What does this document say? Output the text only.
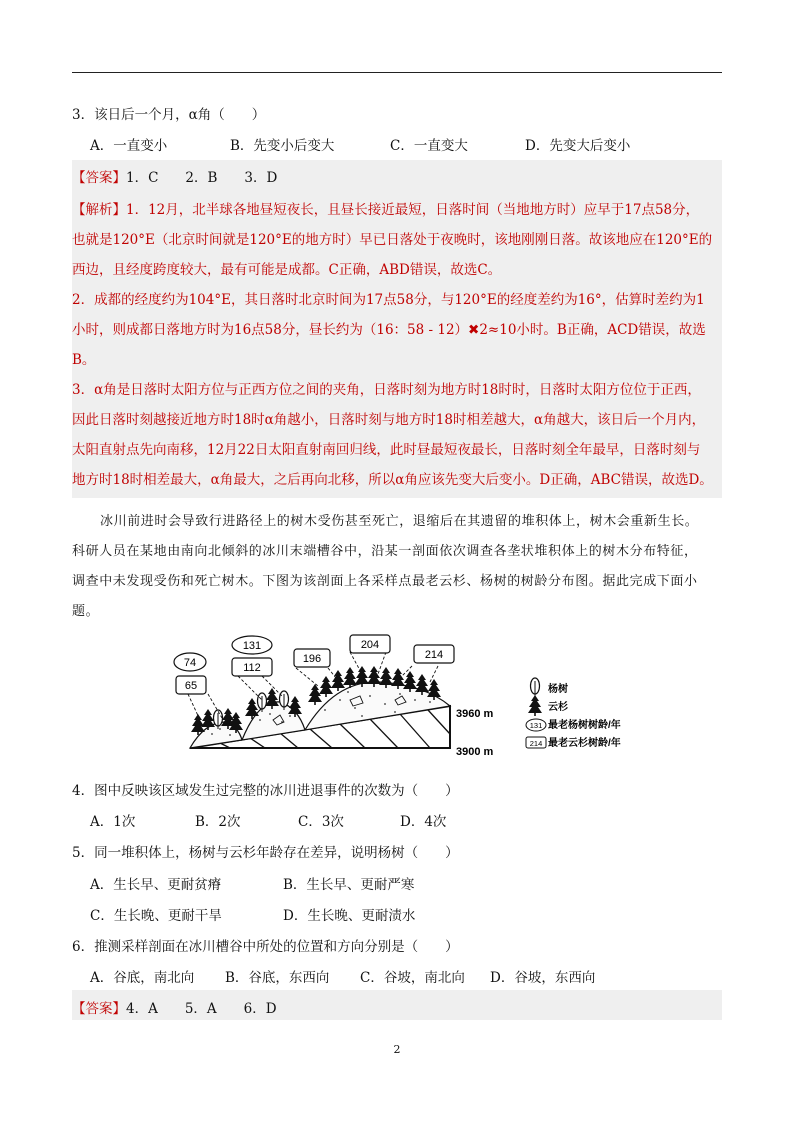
3．该日后一个月，α角（　　）
A．一直变小	B．先变小后变大	C．一直变大	D．先变大后变小
【答案】1．C　　2．B　　3．D
【解析】1．12月，北半球各地昼短夜长，且昼长接近最短，日落时间（当地地方时）应早于17点58分，
也就是120°E（北京时间就是120°E的地方时）早已日落处于夜晚时，该地刚刚日落。故该地应在120°E的
西边，且经度跨度较大，最有可能是成都。C正确，ABD错误，故选C。
2．成都的经度约为104°E，其日落时北京时间为17点58分，与120°E的经度差约为16°，估算时差约为1
小时，则成都日落地方时为16点58分，昼长约为（16：58 - 12）✖2≈10小时。B正确，ACD错误，故选
B。
3．α角是日落时太阳方位与正西方位之间的夹角，日落时刻为地方时18时时，日落时太阳方位位于正西，
因此日落时刻越接近地方时18时α角越小，日落时刻与地方时18时相差越大，α角越大，该日后一个月内，
太阳直射点先向南移，12月22日太阳直射南回归线，此时昼最短夜最长，日落时刻全年最早，日落时刻与
地方时18时相差最大，α角最大，之后再向北移，所以α角应该先变大后变小。D正确，ABC错误，故选D。
冰川前进时会导致行进路径上的树木受伤甚至死亡，退缩后在其遗留的堆积体上，树木会重新生长。
科研人员在某地由南向北倾斜的冰川末端槽谷中，沿某一剖面依次调查各垄状堆积体上的树木分布特征，
调查中未发现受伤和死亡树木。下图为该剖面上各采样点最老云杉、杨树的树龄分布图。据此完成下面小
题。
74
65
131
112
196
204
214
3960 m
3900 m
杨树
云杉
131 最老杨树树龄/年
214 最老云杉树龄/年
4．图中反映该区域发生过完整的冰川进退事件的次数为（　　）
A．1次	B．2次	C．3次	D．4次
5．同一堆积体上，杨树与云杉年龄存在差异，说明杨树（　　）
A．生长早、更耐贫瘠	B．生长早、更耐严寒
C．生长晚、更耐干旱	D．生长晚、更耐渍水
6．推测采样剖面在冰川槽谷中所处的位置和方向分别是（　　）
A．谷底，南北向 B．谷底，东西向 C．谷坡，南北向 D．谷坡，东西向
【答案】4．A　　5．A　　6．D
2
